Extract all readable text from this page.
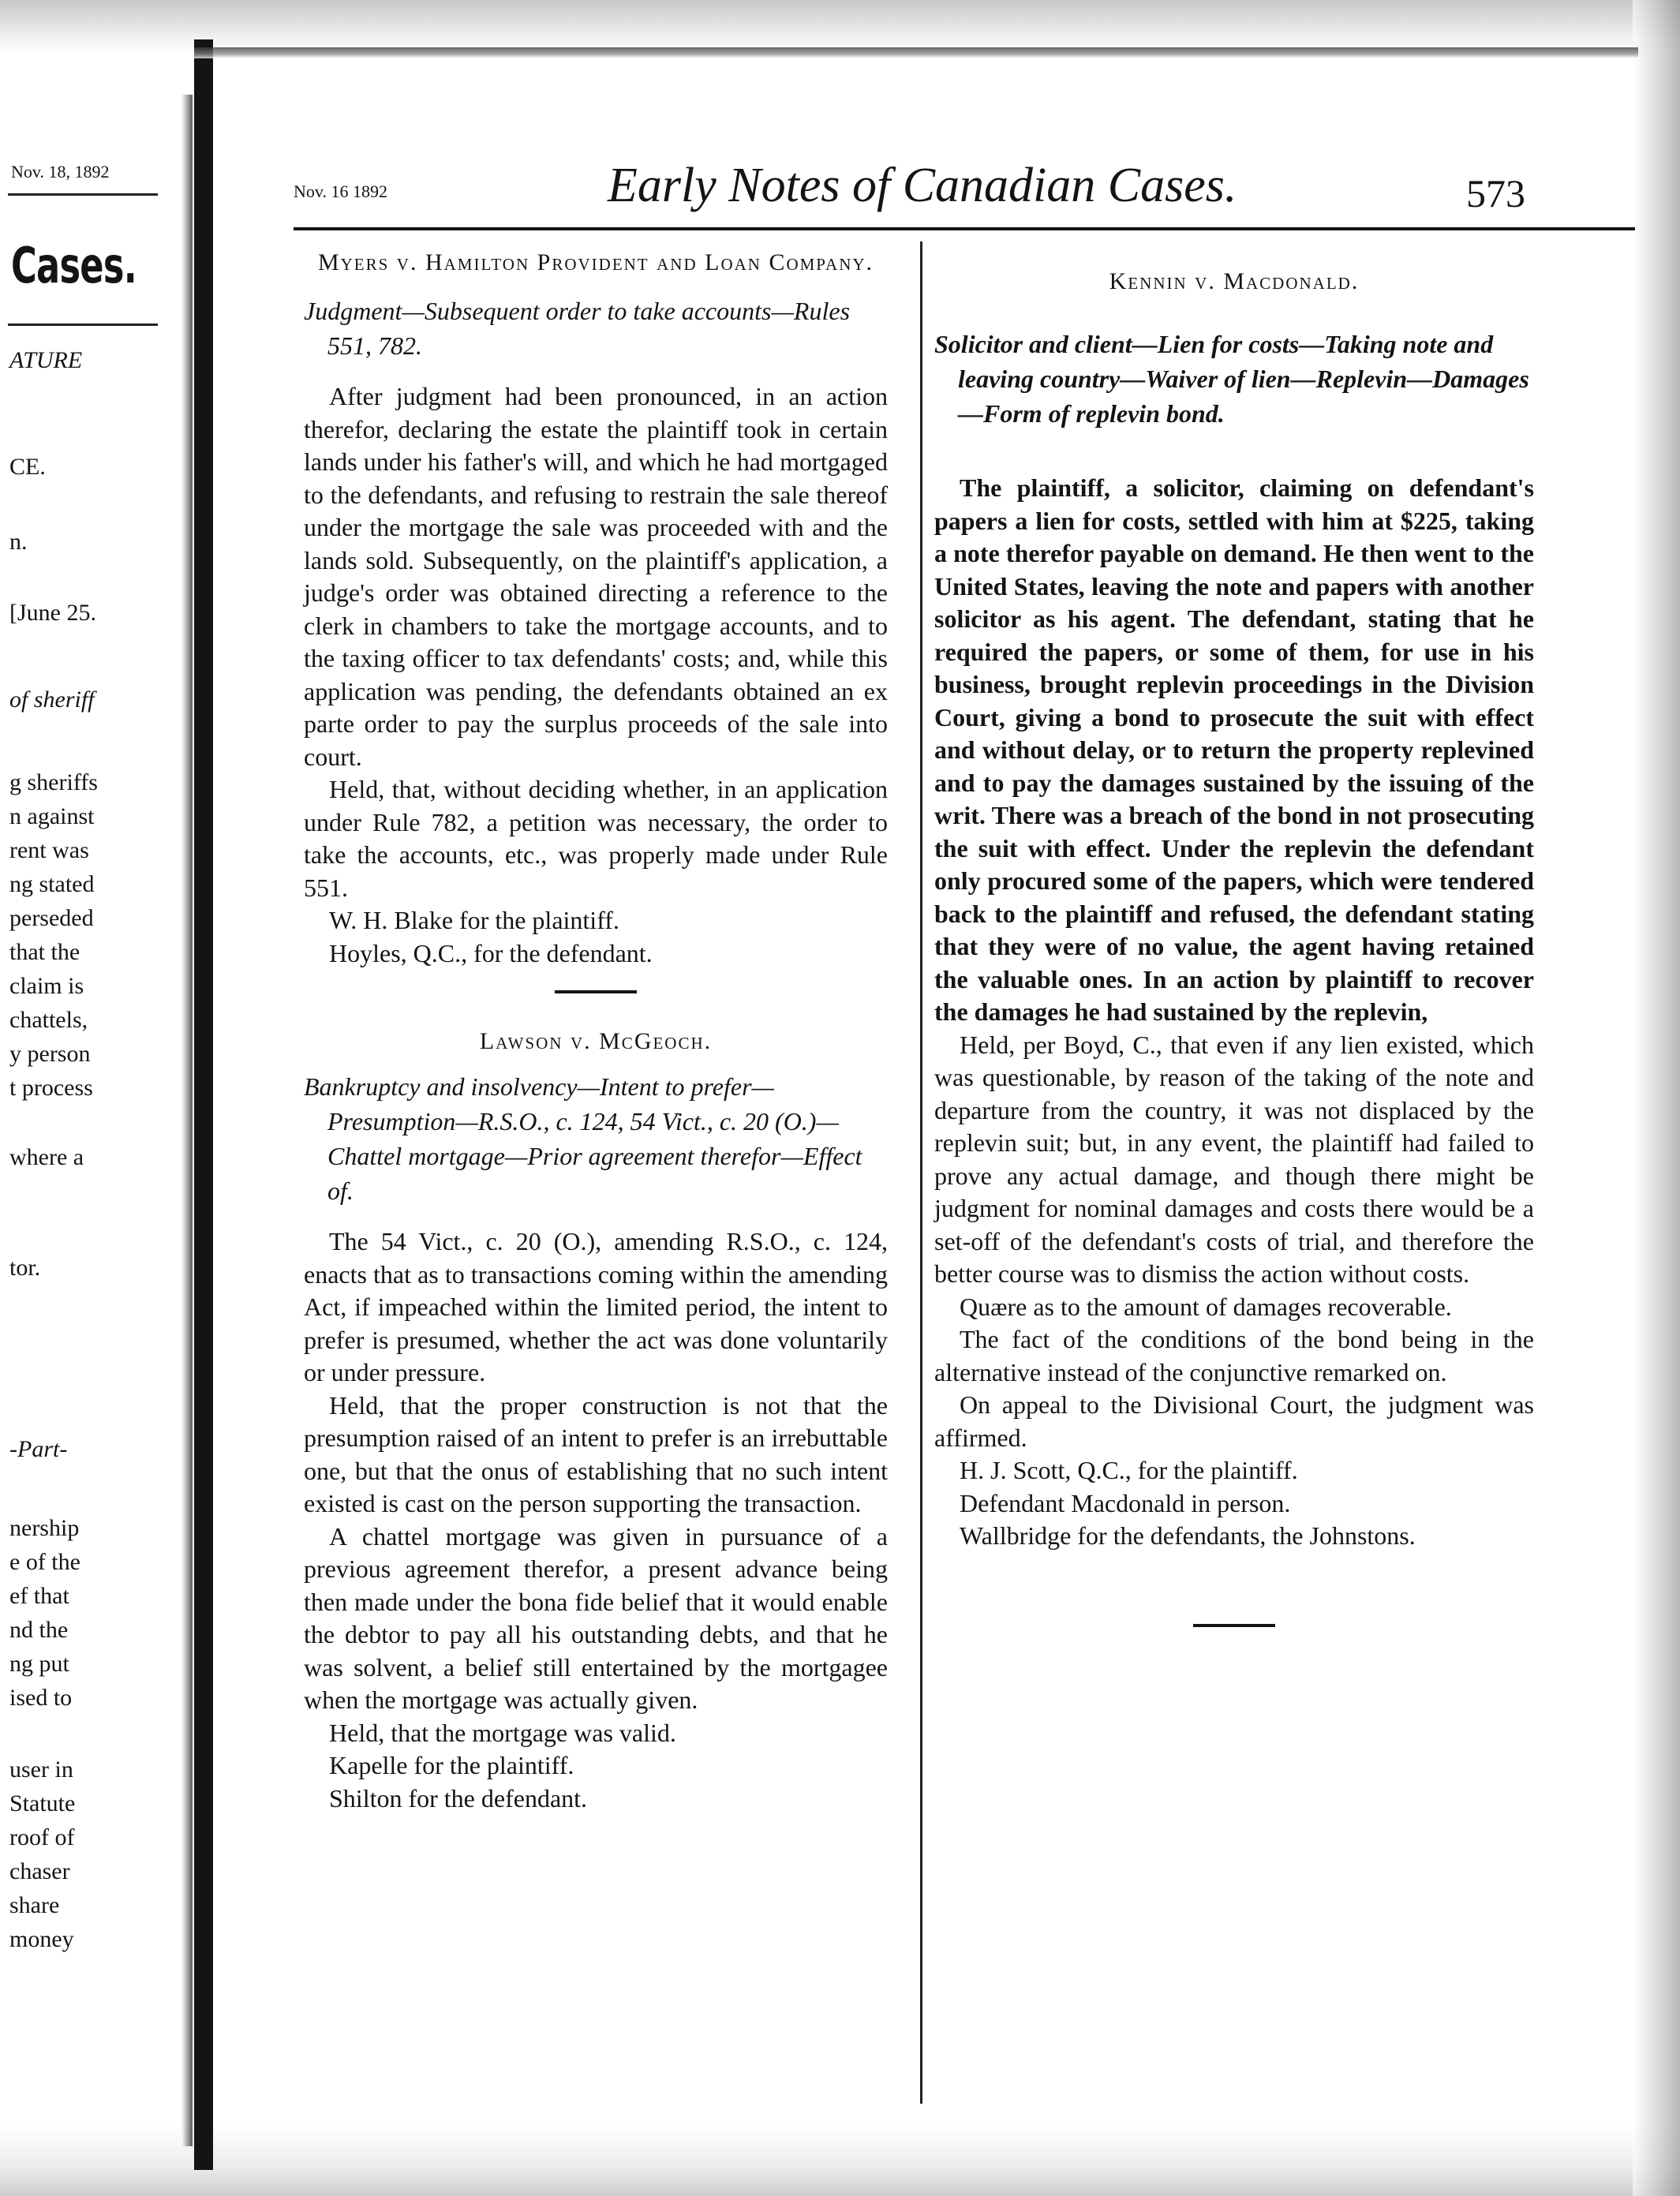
Nov. 18, 1892
Cases.
ATURE
CE.
n.
[June 25.
of sheriff
g sheriffs
n against
rent was
ng stated
perseded
that the
claim is
chattels,
y person
t process
where a
tor.
-Part-
nership
e of the
ef that
nd the
ng put
ised to
user in
Statute
roof of
chaser
share
money
Nov. 16 1892	Early Notes of Canadian Cases.	573
Myers v. Hamilton Provident and Loan Company.
Judgment—Subsequent order to take accounts—Rules 551, 782.

After judgment had been pronounced, in an action therefor, declaring the estate the plaintiff took in certain lands under his father's will, and which he had mortgaged to the defendants, and refusing to restrain the sale thereof under the mortgage the sale was proceeded with and the lands sold. Subsequently, on the plaintiff's application, a judge's order was obtained directing a reference to the clerk in chambers to take the mortgage accounts, and to the taxing officer to tax defendants' costs; and, while this application was pending, the defendants obtained an ex parte order to pay the surplus proceeds of the sale into court.

Held, that, without deciding whether, in an application under Rule 782, a petition was necessary, the order to take the accounts, etc., was properly made under Rule 551.

W. H. Blake for the plaintiff.

Hoyles, Q.C., for the defendant.

Lawson v. McGeoch.
Bankruptcy and insolvency—Intent to prefer—Presumption—R.S.O., c. 124, 54 Vict., c. 20 (O.)—Chattel mortgage—Prior agreement therefor—Effect of.

The 54 Vict., c. 20 (O.), amending R.S.O., c. 124, enacts that as to transactions coming within the amending Act, if impeached within the limited period, the intent to prefer is presumed, whether the act was done voluntarily or under pressure.

Held, that the proper construction is not that the presumption raised of an intent to prefer is an irrebuttable one, but that the onus of establishing that no such intent existed is cast on the person supporting the transaction.

A chattel mortgage was given in pursuance of a previous agreement therefor, a present advance being then made under the bona fide belief that it would enable the debtor to pay all his outstanding debts, and that he was solvent, a belief still entertained by the mortgagee when the mortgage was actually given.

Held, that the mortgage was valid.

Kapelle for the plaintiff.

Shilton for the defendant.

Kennin v. Macdonald.
Solicitor and client—Lien for costs—Taking note and leaving country—Waiver of lien—Replevin—Damages—Form of replevin bond.

The plaintiff, a solicitor, claiming on defendant's papers a lien for costs, settled with him at $225, taking a note therefor payable on demand. He then went to the United States, leaving the note and papers with another solicitor as his agent. The defendant, stating that he required the papers, or some of them, for use in his business, brought replevin proceedings in the Division Court, giving a bond to prosecute the suit with effect and without delay, or to return the property replevined and to pay the damages sustained by the issuing of the writ. There was a breach of the bond in not prosecuting the suit with effect. Under the replevin the defendant only procured some of the papers, which were tendered back to the plaintiff and refused, the defendant stating that they were of no value, the agent having retained the valuable ones. In an action by plaintiff to recover the damages he had sustained by the replevin,

Held, per Boyd, C., that even if any lien existed, which was questionable, by reason of the taking of the note and departure from the country, it was not displaced by the replevin suit; but, in any event, the plaintiff had failed to prove any actual damage, and though there might be judgment for nominal damages and costs there would be a set-off of the defendant's costs of trial, and therefore the better course was to dismiss the action without costs.

Quære as to the amount of damages recoverable.

The fact of the conditions of the bond being in the alternative instead of the conjunctive remarked on.

On appeal to the Divisional Court, the judgment was affirmed.

H. J. Scott, Q.C., for the plaintiff.

Defendant Macdonald in person.

Wallbridge for the defendants, the Johnstons.
